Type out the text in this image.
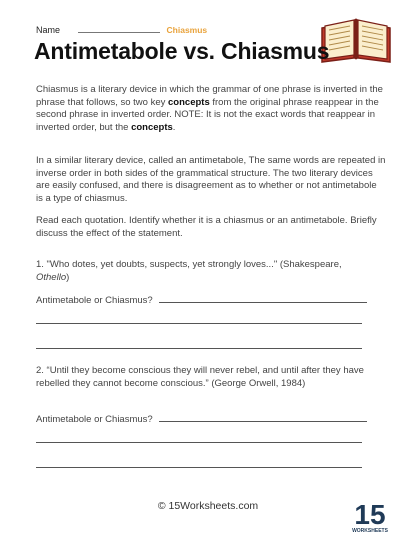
Name	Chiasmus
Antimetabole vs. Chiasmus

Chiasmus is a literary device in which the grammar of one phrase is inverted in the phrase that follows, so two key concepts from the original phrase reappear in the second phrase in inverted order. NOTE: It is not the exact words that reappear in inverted order, but the concepts.

In a similar literary device, called an antimetabole, The same words are repeated in inverse order in both sides of the grammatical structure. The two literary devices are easily confused, and there is disagreement as to whether or not antimetabole is a type of chiasmus.

Read each quotation. Identify whether it is a chiasmus or an antimetabole. Briefly discuss the effect of the statement.

1. "Who dotes, yet doubts, suspects, yet strongly loves..." (Shakespeare, Othello)
Antimetabole or Chiasmus?
2. “Until they become conscious they will never rebel, and until after they have rebelled they cannot become conscious.” (George Orwell, 1984)
Antimetabole or Chiasmus?
© 15Worksheets.com	15
WORKSHEETS
